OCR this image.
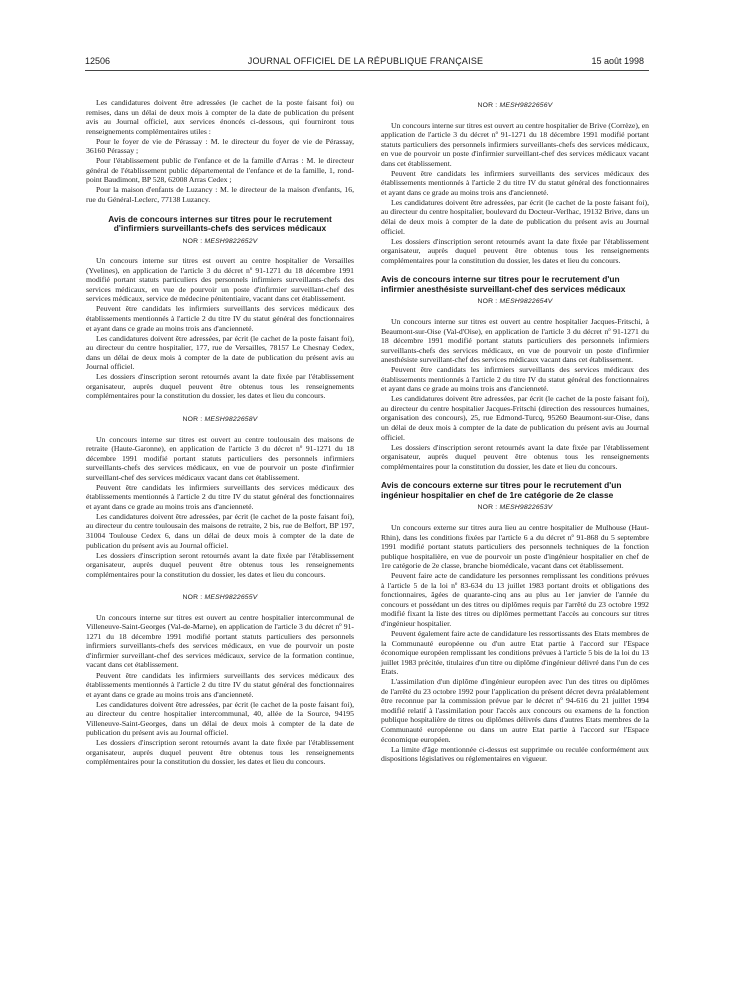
12506	JOURNAL OFFICIEL DE LA RÉPUBLIQUE FRANÇAISE	15 août 1998

Les candidatures doivent être adressées (le cachet de la poste faisant foi) ou remises, dans un délai de deux mois à compter de la date de publication du présent avis au Journal officiel, aux services énoncés ci-dessous, qui fourniront tous renseignements complémentaires utiles :

Pour le foyer de vie de Pérassay : M. le directeur du foyer de vie de Pérassay, 36160 Pérassay ;

Pour l'établissement public de l'enfance et de la famille d'Arras : M. le directeur général de l'établissement public départemental de l'enfance et de la famille, 1, rond-point Baudimont, BP 528, 62008 Arras Cedex ;

Pour la maison d'enfants de Luzancy : M. le directeur de la maison d'enfants, 16, rue du Général-Leclerc, 77138 Luzancy.

Avis de concours internes sur titres pour le recrutement d'infirmiers surveillants-chefs des services médicaux
NOR : MESH9822652V

Un concours interne sur titres est ouvert au centre hospitalier de Versailles (Yvelines), en application de l'article 3 du décret nº 91-1271 du 18 décembre 1991 modifié portant statuts particuliers des personnels infirmiers surveillants-chefs des services médicaux, en vue de pourvoir un poste d'infirmier surveillant-chef des services médicaux, service de médecine pénitentiaire, vacant dans cet établissement.

Peuvent être candidats les infirmiers surveillants des services médicaux des établissements mentionnés à l'article 2 du titre IV du statut général des fonctionnaires et ayant dans ce grade au moins trois ans d'ancienneté.

Les candidatures doivent être adressées, par écrit (le cachet de la poste faisant foi), au directeur du centre hospitalier, 177, rue de Versailles, 78157 Le Chesnay Cedex, dans un délai de deux mois à compter de la date de publication du présent avis au Journal officiel.

Les dossiers d'inscription seront retournés avant la date fixée par l'établissement organisateur, auprès duquel peuvent être obtenus tous les renseignements complémentaires pour la constitution du dossier, les dates et lieu du concours.

NOR : MESH9822658V

Un concours interne sur titres est ouvert au centre toulousain des maisons de retraite (Haute-Garonne), en application de l'article 3 du décret nº 91-1271 du 18 décembre 1991 modifié portant statuts particuliers des personnels infirmiers surveillants-chefs des services médicaux, en vue de pourvoir un poste d'infirmier surveillant-chef des services médicaux vacant dans cet établissement.

Peuvent être candidats les infirmiers surveillants des services médicaux des établissements mentionnés à l'article 2 du titre IV du statut général des fonctionnaires et ayant dans ce grade au moins trois ans d'ancienneté.

Les candidatures doivent être adressées, par écrit (le cachet de la poste faisant foi), au directeur du centre toulousain des maisons de retraite, 2 bis, rue de Belfort, BP 197, 31004 Toulouse Cedex 6, dans un délai de deux mois à compter de la date de publication du présent avis au Journal officiel.

Les dossiers d'inscription seront retournés avant la date fixée par l'établissement organisateur, auprès duquel peuvent être obtenus tous les renseignements complémentaires pour la constitution du dossier, les dates et lieu du concours.

NOR : MESH9822655V

Un concours interne sur titres est ouvert au centre hospitalier intercommunal de Villeneuve-Saint-Georges (Val-de-Marne), en application de l'article 3 du décret nº 91-1271 du 18 décembre 1991 modifié portant statuts particuliers des personnels infirmiers surveillants-chefs des services médicaux, en vue de pourvoir un poste d'infirmier surveillant-chef des services médicaux, service de la formation continue, vacant dans cet établissement.

Peuvent être candidats les infirmiers surveillants des services médicaux des établissements mentionnés à l'article 2 du titre IV du statut général des fonctionnaires et ayant dans ce grade au moins trois ans d'ancienneté.

Les candidatures doivent être adressées, par écrit (le cachet de la poste faisant foi), au directeur du centre hospitalier intercommunal, 40, allée de la Source, 94195 Villeneuve-Saint-Georges, dans un délai de deux mois à compter de la date de publication du présent avis au Journal officiel.

Les dossiers d'inscription seront retournés avant la date fixée par l'établissement organisateur, auprès duquel peuvent être obtenus tous les renseignements complémentaires pour la constitution du dossier, les dates et lieu du concours.

NOR : MESH9822656V

Un concours interne sur titres est ouvert au centre hospitalier de Brive (Corrèze), en application de l'article 3 du décret nº 91-1271 du 18 décembre 1991 modifié portant statuts particuliers des personnels infirmiers surveillants-chefs des services médicaux, en vue de pourvoir un poste d'infirmier surveillant-chef des services médicaux vacant dans cet établissement.

Peuvent être candidats les infirmiers surveillants des services médicaux des établissements mentionnés à l'article 2 du titre IV du statut général des fonctionnaires et ayant dans ce grade au moins trois ans d'ancienneté.

Les candidatures doivent être adressées, par écrit (le cachet de la poste faisant foi), au directeur du centre hospitalier, boulevard du Docteur-Verlhac, 19132 Brive, dans un délai de deux mois à compter de la date de publication du présent avis au Journal officiel.

Les dossiers d'inscription seront retournés avant la date fixée par l'établissement organisateur, auprès duquel peuvent être obtenus tous les renseignements complémentaires pour la constitution du dossier, les dates et lieu du concours.

Avis de concours interne sur titres pour le recrutement d'un infirmier anesthésiste surveillant-chef des services médicaux
NOR : MESH9822654V

Un concours interne sur titres est ouvert au centre hospitalier Jacques-Fritschi, à Beaumont-sur-Oise (Val-d'Oise), en application de l'article 3 du décret nº 91-1271 du 18 décembre 1991 modifié portant statuts particuliers des personnels infirmiers surveillants-chefs des services médicaux, en vue de pourvoir un poste d'infirmier anesthésiste surveillant-chef des services médicaux vacant dans cet établissement.

Peuvent être candidats les infirmiers surveillants des services médicaux des établissements mentionnés à l'article 2 du titre IV du statut général des fonctionnaires et ayant dans ce grade au moins trois ans d'ancienneté.

Les candidatures doivent être adressées, par écrit (le cachet de la poste faisant foi), au directeur du centre hospitalier Jacques-Fritschi (direction des ressources humaines, organisation des concours), 25, rue Edmond-Turcq, 95260 Beaumont-sur-Oise, dans un délai de deux mois à compter de la date de publication du présent avis au Journal officiel.

Les dossiers d'inscription seront retournés avant la date fixée par l'établissement organisateur, auprès duquel peuvent être obtenus tous les renseignements complémentaires pour la constitution du dossier, les date et lieu du concours.

Avis de concours externe sur titres pour le recrutement d'un ingénieur hospitalier en chef de 1re catégorie de 2e classe
NOR : MESH9822653V

Un concours externe sur titres aura lieu au centre hospitalier de Mulhouse (Haut-Rhin), dans les conditions fixées par l'article 6 a du décret nº 91-868 du 5 septembre 1991 modifié portant statuts particuliers des personnels techniques de la fonction publique hospitalière, en vue de pourvoir un poste d'ingénieur hospitalier en chef de 1re catégorie de 2e classe, branche biomédicale, vacant dans cet établissement.

Peuvent faire acte de candidature les personnes remplissant les conditions prévues à l'article 5 de la loi nº 83-634 du 13 juillet 1983 portant droits et obligations des fonctionnaires, âgées de quarante-cinq ans au plus au 1er janvier de l'année du concours et possédant un des titres ou diplômes requis par l'arrêté du 23 octobre 1992 modifié fixant la liste des titres ou diplômes permettant l'accès au concours sur titres d'ingénieur hospitalier.

Peuvent également faire acte de candidature les ressortissants des Etats membres de la Communauté européenne ou d'un autre Etat partie à l'accord sur l'Espace économique européen remplissant les conditions prévues à l'article 5 bis de la loi du 13 juillet 1983 précitée, titulaires d'un titre ou diplôme d'ingénieur délivré dans l'un de ces Etats.

L'assimilation d'un diplôme d'ingénieur européen avec l'un des titres ou diplômes de l'arrêté du 23 octobre 1992 pour l'application du présent décret devra préalablement être reconnue par la commission prévue par le décret nº 94-616 du 21 juillet 1994 modifié relatif à l'assimilation pour l'accès aux concours ou examens de la fonction publique hospitalière de titres ou diplômes délivrés dans d'autres Etats membres de la Communauté européenne ou dans un autre Etat partie à l'accord sur l'Espace économique européen.

La limite d'âge mentionnée ci-dessus est supprimée ou reculée conformément aux dispositions législatives ou réglementaires en vigueur.
